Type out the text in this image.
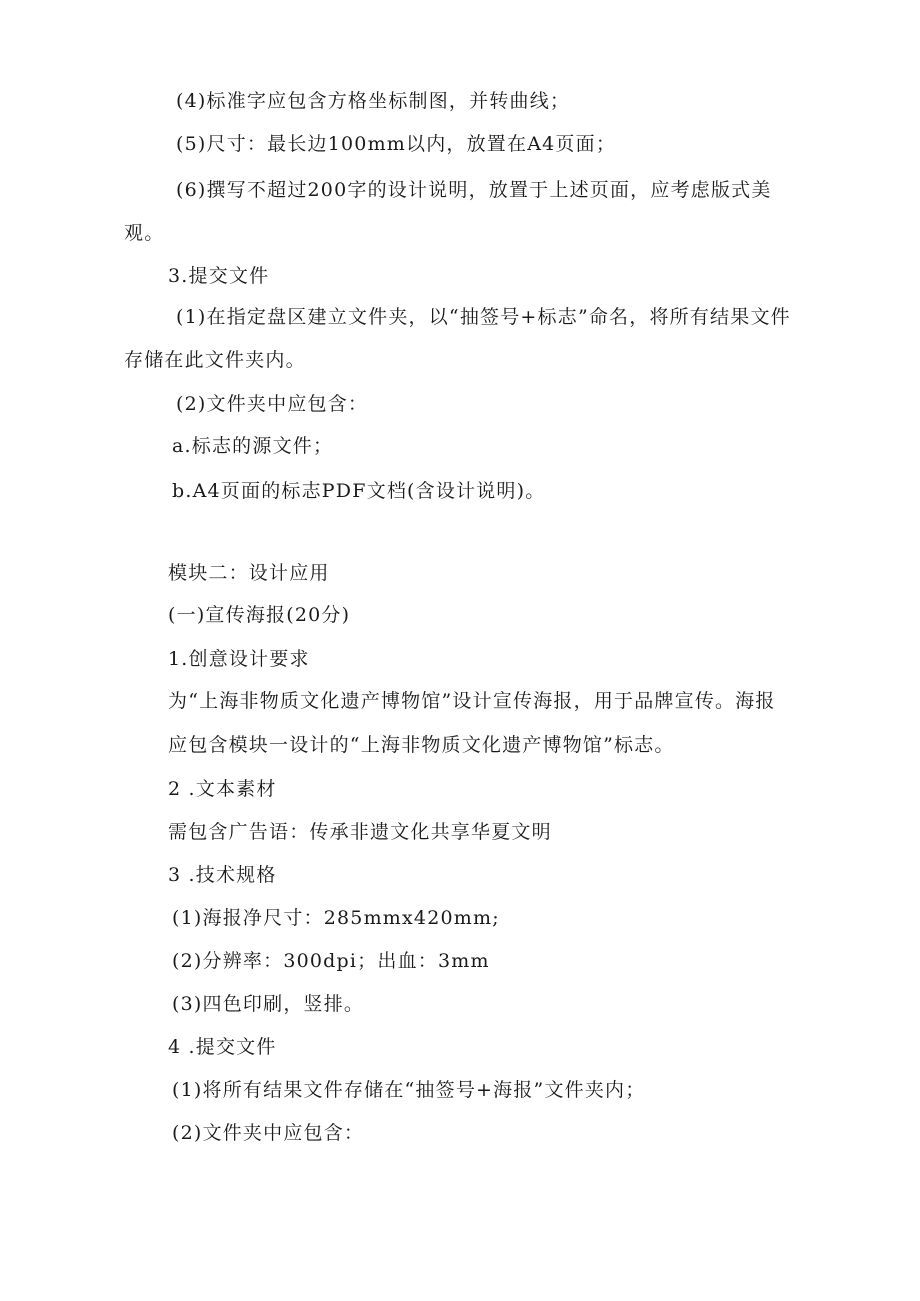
(4)标准字应包含方格坐标制图，并转曲线；
(5)尺寸：最长边100mm以内，放置在A4页面；
(6)撰写不超过200字的设计说明，放置于上述页面，应考虑版式美
观。
3.提交文件
(1)在指定盘区建立文件夹，以“抽签号+标志”命名，将所有结果文件
存储在此文件夹内。
(2)文件夹中应包含：
a.标志的源文件；
b.A4页面的标志PDF文档(含设计说明)。
模块二：设计应用
(一)宣传海报(20分)
1.创意设计要求
为“上海非物质文化遗产博物馆”设计宣传海报，用于品牌宣传。海报
应包含模块一设计的“上海非物质文化遗产博物馆”标志。
2 .文本素材
需包含广告语：传承非遗文化共享华夏文明
3 .技术规格
(1)海报净尺寸：285mmx420mm;
(2)分辨率：300dpi；出血：3mm
(3)四色印刷，竖排。
4 .提交文件
(1)将所有结果文件存储在“抽签号+海报”文件夹内；
(2)文件夹中应包含：
